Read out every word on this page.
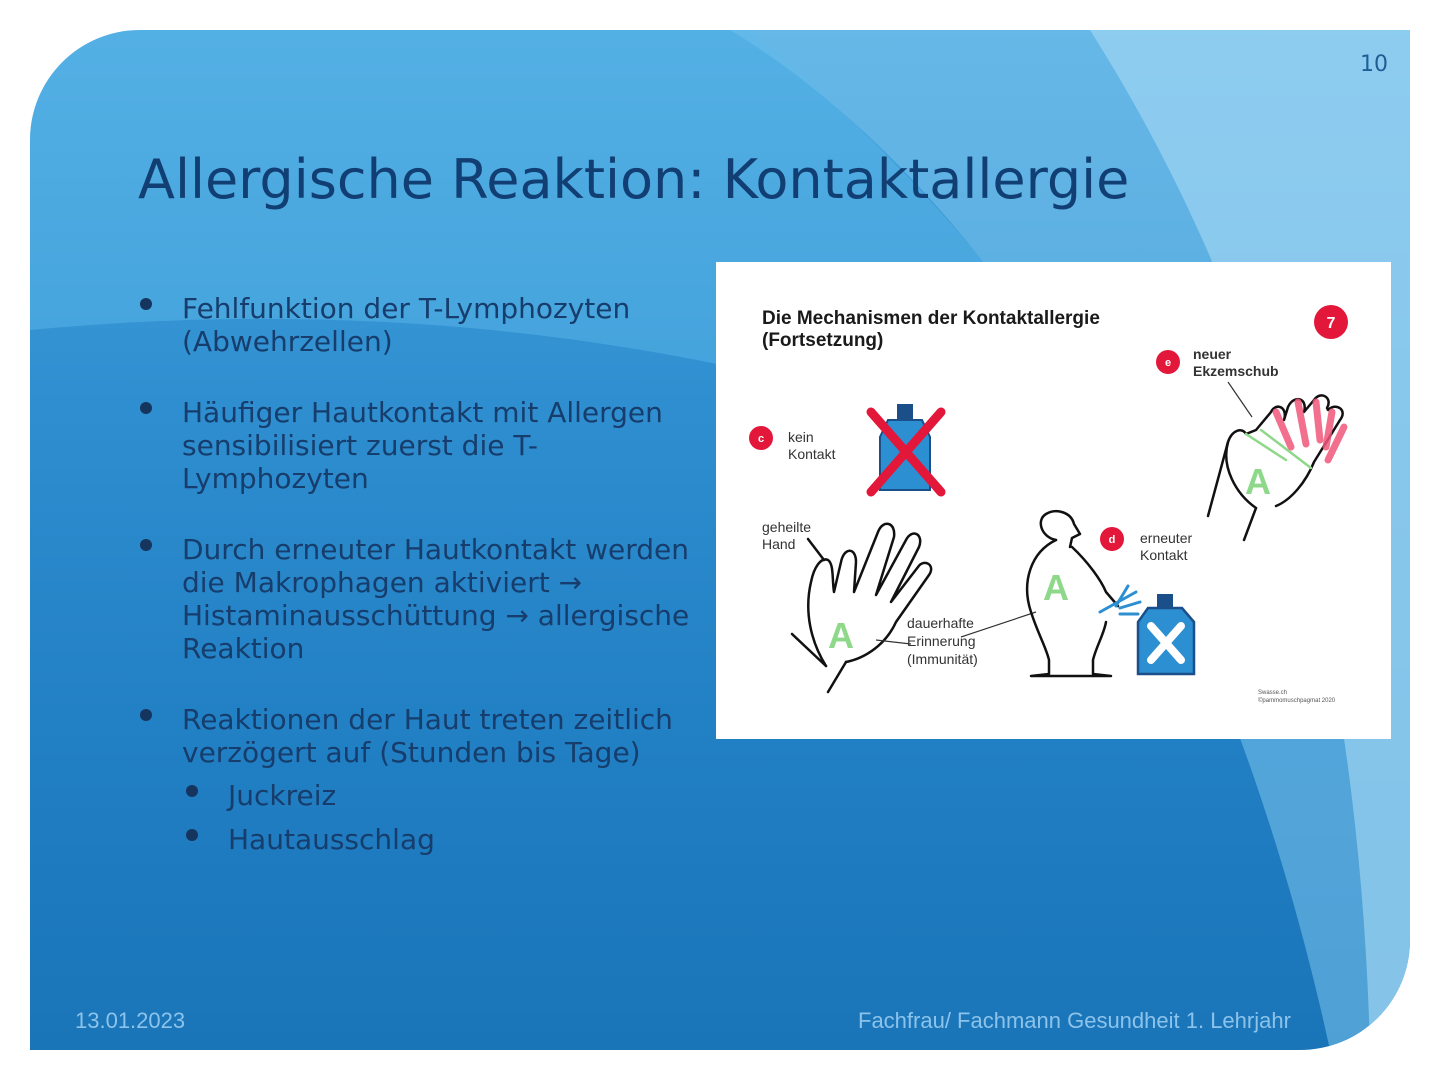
10
Allergische Reaktion: Kontaktallergie
Fehlfunktion der T-Lymphozyten (Abwehrzellen)
Häufiger Hautkontakt mit Allergen sensibilisiert zuerst die T-Lymphozyten
Durch erneuter Hautkontakt werden die Makrophagen aktiviert → Histaminausschüttung → allergische Reaktion
Reaktionen der Haut treten zeitlich verzögert auf (Stunden bis Tage)
Juckreiz
Hautausschlag
Die Mechanismen der Kontaktallergie
(Fortsetzung)
7
e
neuer
Ekzemschub
c kein
Kontakt
geheilte
Hand
A	dauerhafte
Erinnerung
(Immunität)
A
d erneuter
Kontakt
A
Swasse.ch
©pammomuschpagmat 2020
13.01.2023	Fachfrau/ Fachmann Gesundheit 1. Lehrjahr
